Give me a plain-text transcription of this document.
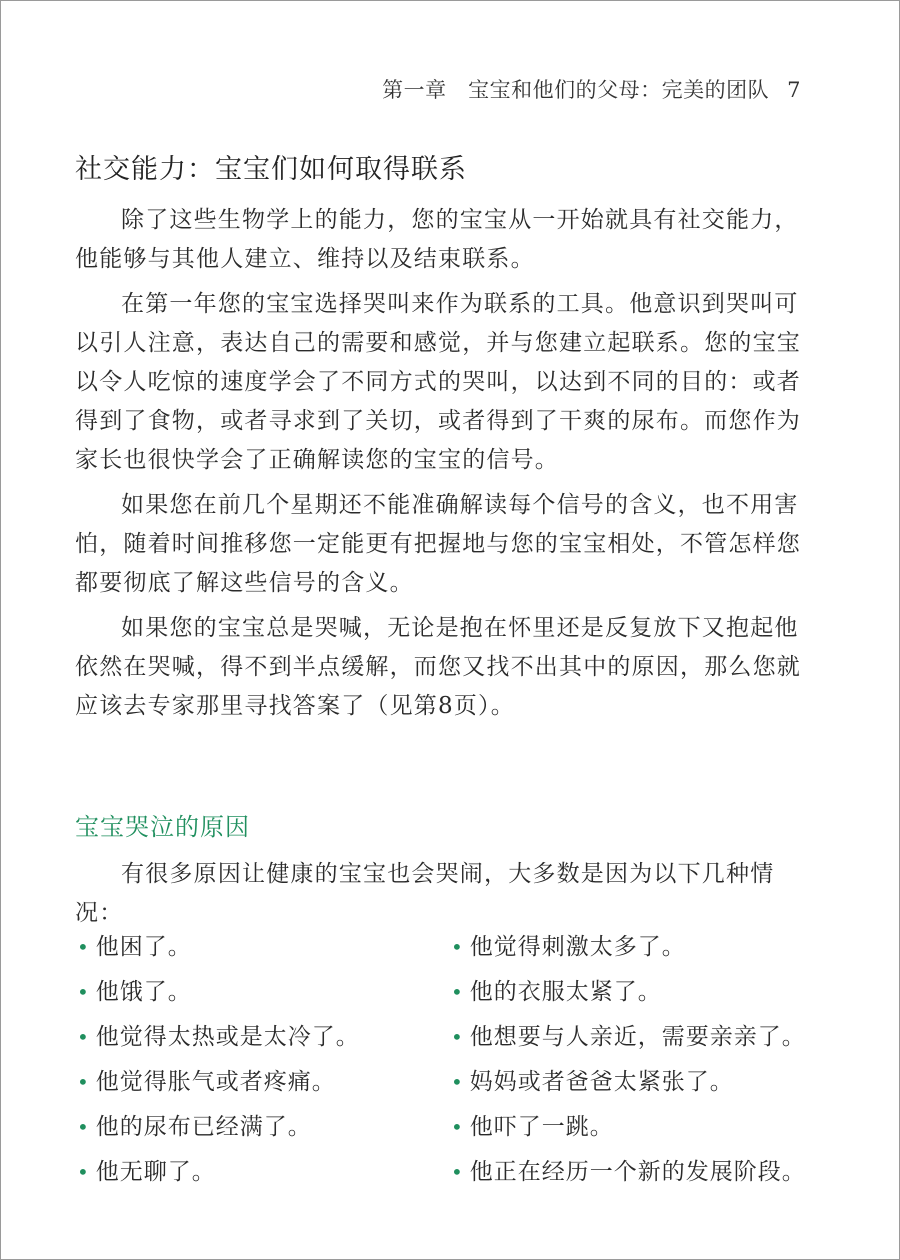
第一章　宝宝和他们的父母：完美的团队 7
社交能力：宝宝们如何取得联系

除了这些生物学上的能力，您的宝宝从一开始就具有社交能力，他能够与其他人建立、维持以及结束联系。

在第一年您的宝宝选择哭叫来作为联系的工具。他意识到哭叫可以引人注意，表达自己的需要和感觉，并与您建立起联系。您的宝宝以令人吃惊的速度学会了不同方式的哭叫，以达到不同的目的：或者得到了食物，或者寻求到了关切，或者得到了干爽的尿布。而您作为家长也很快学会了正确解读您的宝宝的信号。

如果您在前几个星期还不能准确解读每个信号的含义，也不用害怕，随着时间推移您一定能更有把握地与您的宝宝相处，不管怎样您都要彻底了解这些信号的含义。

如果您的宝宝总是哭喊，无论是抱在怀里还是反复放下又抱起他依然在哭喊，得不到半点缓解，而您又找不出其中的原因，那么您就应该去专家那里寻找答案了（见第8页）。

宝宝哭泣的原因

有很多原因让健康的宝宝也会哭闹，大多数是因为以下几种情况：

• 他困了。
• 他饿了。
• 他觉得太热或是太冷了。
• 他觉得胀气或者疼痛。
• 他的尿布已经满了。
• 他无聊了。
• 他觉得刺激太多了。
• 他的衣服太紧了。
• 他想要与人亲近，需要亲亲了。
• 妈妈或者爸爸太紧张了。
• 他吓了一跳。
• 他正在经历一个新的发展阶段。
